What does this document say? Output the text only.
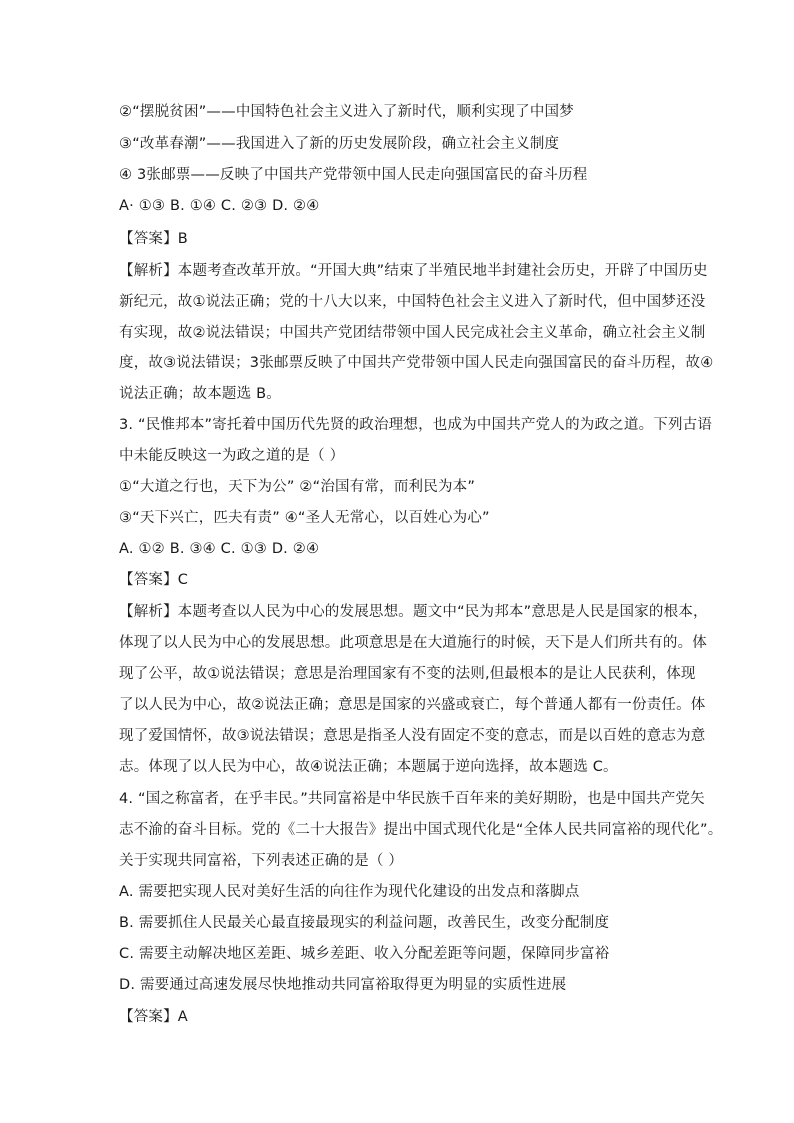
②“摆脱贫困”——中国特色社会主义进入了新时代，顺利实现了中国梦
③“改革春潮”——我国进入了新的历史发展阶段，确立社会主义制度
④ 3张邮票——反映了中国共产党带领中国人民走向强国富民的奋斗历程
A· ①③ B. ①④ C. ②③ D. ②④
【答案】B
【解析】本题考查改革开放。“开国大典”结束了半殖民地半封建社会历史，开辟了中国历史
新纪元，故①说法正确；党的十八大以来，中国特色社会主义进入了新时代，但中国梦还没
有实现，故②说法错误；中国共产党团结带领中国人民完成社会主义革命，确立社会主义制
度，故③说法错误；3张邮票反映了中国共产党带领中国人民走向强国富民的奋斗历程，故④
说法正确；故本题选 B。
3. “民惟邦本”寄托着中国历代先贤的政治理想，也成为中国共产党人的为政之道。下列古语
中未能反映这一为政之道的是（ ）
①“大道之行也，天下为公” ②“治国有常，而利民为本”
③“天下兴亡，匹夫有责” ④“圣人无常心，以百姓心为心”
A. ①② B. ③④ C. ①③ D. ②④
【答案】C
【解析】本题考查以人民为中心的发展思想。题文中“民为邦本”意思是人民是国家的根本，
体现了以人民为中心的发展思想。此项意思是在大道施行的时候，天下是人们所共有的。体
现了公平，故①说法错误；意思是治理国家有不变的法则,但最根本的是让人民获利，体现
了以人民为中心，故②说法正确；意思是国家的兴盛或衰亡，每个普通人都有一份责任。体
现了爱国情怀，故③说法错误；意思是指圣人没有固定不变的意志，而是以百姓的意志为意
志。体现了以人民为中心，故④说法正确；本题属于逆向选择，故本题选 C。
4. “国之称富者，在乎丰民。”共同富裕是中华民族千百年来的美好期盼，也是中国共产党矢
志不渝的奋斗目标。党的《二十大报告》提出中国式现代化是“全体人民共同富裕的现代化”。
关于实现共同富裕，下列表述正确的是（ ）
A. 需要把实现人民对美好生活的向往作为现代化建设的出发点和落脚点
B. 需要抓住人民最关心最直接最现实的利益问题，改善民生，改变分配制度
C. 需要主动解决地区差距、城乡差距、收入分配差距等问题，保障同步富裕
D. 需要通过高速发展尽快地推动共同富裕取得更为明显的实质性进展
【答案】A
